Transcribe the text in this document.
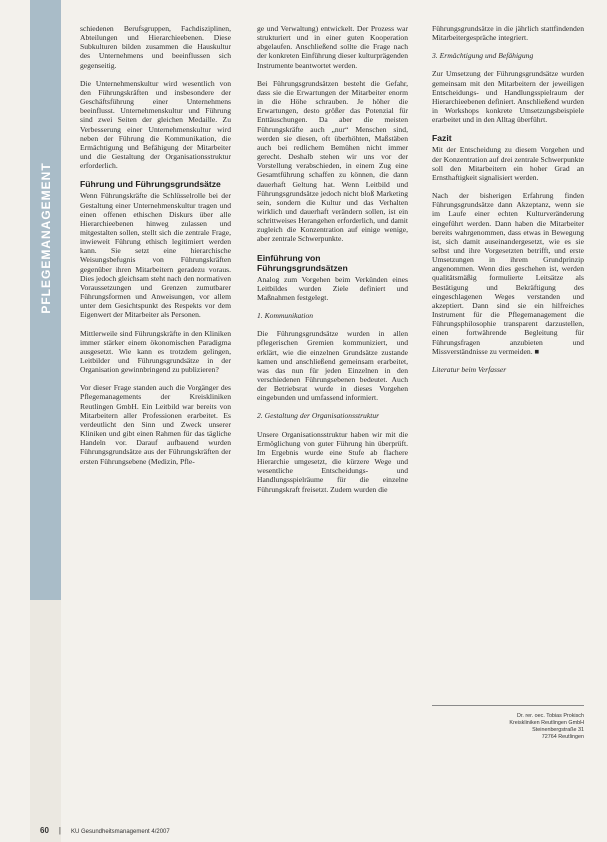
PFLEGEMANAGEMENT

schiedenen Berufsgruppen, Fachdisziplinen, Abteilungen und Hierarchieebenen. Diese Subkulturen bilden zusammen die Hauskultur des Unternehmens und beeinflussen sich gegenseitig.

Die Unternehmenskultur wird wesentlich von den Führungskräften und insbesondere der Geschäftsführung einer Unternehmens beeinflusst. Unternehmenskultur und Führung sind zwei Seiten der gleichen Medaille. Zu Verbesserung einer Unternehmenskultur wird neben der Führung die Kommunikation, die Ermächtigung und Befähigung der Mitarbeiter und die Gestaltung der Organisationsstruktur erforderlich.

Führung und Führungsgrundsätze

Wenn Führungskräfte die Schlüsselrolle bei der Gestaltung einer Unternehmenskultur tragen und einen offenen ethischen Diskurs über alle Hierarchieebenen hinweg zulassen und mitgestalten sollen, stellt sich die zentrale Frage, inwieweit Führung ethisch legitimiert werden kann. Sie setzt eine hierarchische Weisungsbefugnis von Führungskräften gegenüber ihren Mitarbeitern geradezu voraus. Dies jedoch gleichsam steht nach den normativen Voraussetzungen und Grenzen zumutbarer Führungsformen und Anweisungen, vor allem unter dem Gesichtspunkt des Respekts vor dem Eigenwert der Mitarbeiter als Personen.

Mittlerweile sind Führungskräfte in den Kliniken immer stärker einem ökonomischen Paradigma ausgesetzt. Wie kann es trotzdem gelingen, Leitbilder und Führungsgrundsätze in der Organisation gewinnbringend zu publizieren?

Vor dieser Frage standen auch die Vorgänger des Pflegemanagements der Kreiskliniken Reutlingen GmbH. Ein Leitbild war bereits von Mitarbeitern aller Professionen erarbeitet. Es verdeutlicht den Sinn und Zweck unserer Kliniken und gibt einen Rahmen für das tägliche Handeln vor. Darauf aufbauend wurden Führungsgrundsätze aus der Führungskräften der ersten Führungsebene (Medizin, Pfle-

ge und Verwaltung) entwickelt. Der Prozess war strukturiert und in einer guten Kooperation abgelaufen. Anschließend sollte die Frage nach der konkreten Einführung dieser kulturprägenden Instrumente beantwortet werden.

Bei Führungsgrundsätzen besteht die Gefahr, dass sie die Erwartungen der Mitarbeiter enorm in die Höhe schrauben. Je höher die Erwartungen, desto größer das Potenzial für Enttäuschungen. Da aber die meisten Führungskräfte auch „nur“ Menschen sind, werden sie diesen, oft überhöhten, Maßstäben auch bei redlichem Bemühen nicht immer gerecht. Deshalb stehen wir uns vor der Vorstellung verabschieden, in einem Zug eine Gesamtführung schaffen zu können, die dann dauerhaft Geltung hat. Wenn Leitbild und Führungsgrundsätze jedoch nicht bloß Marketing sein, sondern die Kultur und das Verhalten wirklich und dauerhaft verändern sollen, ist ein schrittweises Herangehen erforderlich, und damit zugleich die Konzentration auf einige wenige, aber zentrale Schwerpunkte.

Einführung von Führungsgrundsätzen

Analog zum Vorgehen beim Verkünden eines Leitbildes wurden Ziele definiert und Maßnahmen festgelegt.

1. Kommunikation

Die Führungsgrundsätze wurden in allen pflegerischen Gremien kommuniziert, und erklärt, wie die einzelnen Grundsätze zustande kamen und anschließend gemeinsam erarbeitet, was das nun für jeden Einzelnen in den verschiedenen Führungsebenen bedeutet. Auch der Betriebsrat wurde in dieses Vorgehen eingebunden und umfassend informiert.

2. Gestaltung der Organisationsstruktur

Unsere Organisationsstruktur haben wir mit die Ermöglichung von guter Führung hin überprüft. Im Ergebnis wurde eine Stufe ab flachere Hierarchie umgesetzt, die kürzere Wege und wesentliche Entscheidungs- und Handlungsspielräume für die einzelne Führungskraft freisetzt. Zudem wurden die

Führungsgrundsätze in die jährlich stattfindenden Mitarbeitergespräche integriert.

3. Ermächtigung und Befähigung

Zur Umsetzung der Führungsgrundsätze wurden gemeinsam mit den Mitarbeitern der jeweiligen Entscheidungs- und Handlungsspielraum der Hierarchieebenen definiert. Anschließend wurden in Workshops konkrete Umsetzungsbeispiele erarbeitet und in den Alltag überführt.

Fazit

Mit der Entscheidung zu diesem Vorgehen und der Konzentration auf drei zentrale Schwerpunkte soll den Mitarbeitern ein hoher Grad an Ernsthaftigkeit signalisiert werden.

Nach der bisherigen Erfahrung finden Führungsgrundsätze dann Akzeptanz, wenn sie im Laufe einer echten Kulturveränderung eingeführt werden. Dann haben die Mitarbeiter bereits wahrgenommen, dass etwas in Bewegung ist, sich damit auseinandergesetzt, wie es sie selbst und ihre Vorgesetzten betrifft, und erste Umsetzungen in ihrem Grundprinzip angenommen. Wenn dies geschehen ist, werden qualitätsmäßig formulierte Leitsätze als Bestätigung und Bekräftigung des eingeschlagenen Weges verstanden und akzeptiert. Dann sind sie ein hilfreiches Instrument für die Pflegemanagement die Führungsphilosophie transparent darzustellen, einen fortwährende Begleitung für Führungsfragen anzubieten und Missverständnisse zu vermeiden. ■

Literatur beim Verfasser

Dr. rer. oec. Tobias Prokisch
Kreiskliniken Reutlingen GmbH
Steinenbergstraße 31
72764 Reutlingen
60 | KU Gesundheitsmanagement 4/2007
